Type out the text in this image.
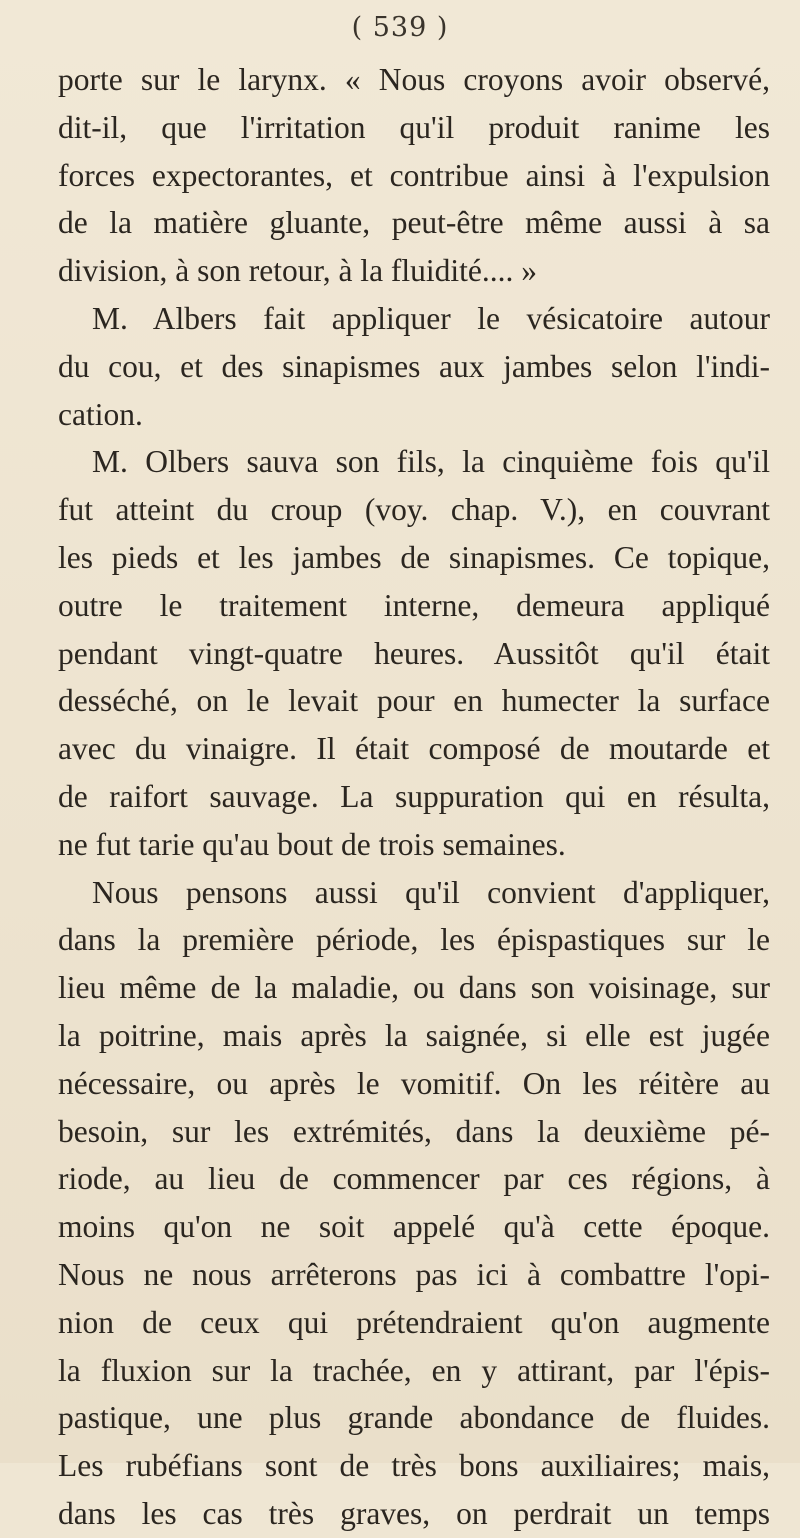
( 539 )
porte sur le larynx. « Nous croyons avoir observé,
dit-il, que l'irritation qu'il produit ranime les
forces expectorantes, et contribue ainsi à l'expulsion
de la matière gluante, peut-être même aussi à sa
division, à son retour, à la fluidité.... »
M. Albers fait appliquer le vésicatoire autour
du cou, et des sinapismes aux jambes selon l'indi-
cation.
M. Olbers sauva son fils, la cinquième fois qu'il
fut atteint du croup (voy. chap. V.), en couvrant
les pieds et les jambes de sinapismes. Ce topique,
outre le traitement interne, demeura appliqué
pendant vingt-quatre heures. Aussitôt qu'il était
desséché, on le levait pour en humecter la surface
avec du vinaigre. Il était composé de moutarde et
de raifort sauvage. La suppuration qui en résulta,
ne fut tarie qu'au bout de trois semaines.
Nous pensons aussi qu'il convient d'appliquer,
dans la première période, les épispastiques sur le
lieu même de la maladie, ou dans son voisinage, sur
la poitrine, mais après la saignée, si elle est jugée
nécessaire, ou après le vomitif. On les réitère au
besoin, sur les extrémités, dans la deuxième pé-
riode, au lieu de commencer par ces régions, à
moins qu'on ne soit appelé qu'à cette époque.
Nous ne nous arrêterons pas ici à combattre l'opi-
nion de ceux qui prétendraient qu'on augmente
la fluxion sur la trachée, en y attirant, par l'épis-
pastique, une plus grande abondance de fluides.
Les rubéfians sont de très bons auxiliaires; mais,
dans les cas très graves, on perdrait un temps
